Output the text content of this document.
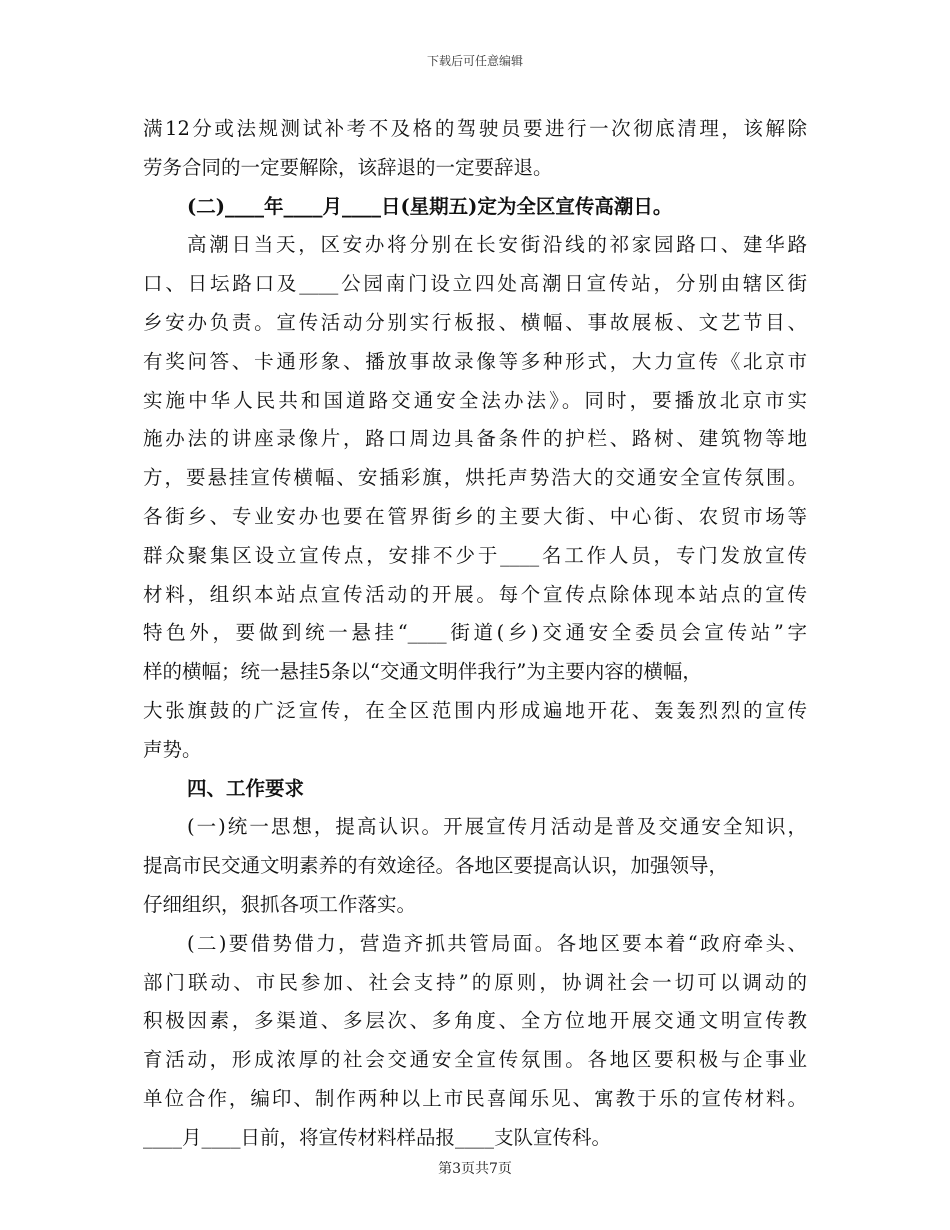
下载后可任意编辑
满12分或法规测试补考不及格的驾驶员要进行一次彻底清理，该解除
劳务合同的一定要解除，该辞退的一定要辞退。
(二)____年____月____日(星期五)定为全区宣传高潮日。
高潮日当天，区安办将分别在长安街沿线的祁家园路口、建华路
口、日坛路口及____公园南门设立四处高潮日宣传站，分别由辖区街
乡安办负责。宣传活动分别实行板报、横幅、事故展板、文艺节目、
有奖问答、卡通形象、播放事故录像等多种形式，大力宣传《北京市
实施中华人民共和国道路交通安全法办法》。同时，要播放北京市实
施办法的讲座录像片，路口周边具备条件的护栏、路树、建筑物等地
方，要悬挂宣传横幅、安插彩旗，烘托声势浩大的交通安全宣传氛围。
各街乡、专业安办也要在管界街乡的主要大街、中心街、农贸市场等
群众聚集区设立宣传点，安排不少于____名工作人员，专门发放宣传
材料，组织本站点宣传活动的开展。每个宣传点除体现本站点的宣传
特色外，要做到统一悬挂“____街道(乡)交通安全委员会宣传站”字
样的横幅；统一悬挂5条以“交通文明伴我行”为主要内容的横幅，
大张旗鼓的广泛宣传，在全区范围内形成遍地开花、轰轰烈烈的宣传
声势。
四、工作要求
(一)统一思想，提高认识。开展宣传月活动是普及交通安全知识，
提高市民交通文明素养的有效途径。各地区要提高认识，加强领导，
仔细组织，狠抓各项工作落实。
(二)要借势借力，营造齐抓共管局面。各地区要本着“政府牵头、
部门联动、市民参加、社会支持”的原则，协调社会一切可以调动的
积极因素，多渠道、多层次、多角度、全方位地开展交通文明宣传教
育活动，形成浓厚的社会交通安全宣传氛围。各地区要积极与企事业
单位合作，编印、制作两种以上市民喜闻乐见、寓教于乐的宣传材料。
____月____日前，将宣传材料样品报____支队宣传科。
第3页共7页
